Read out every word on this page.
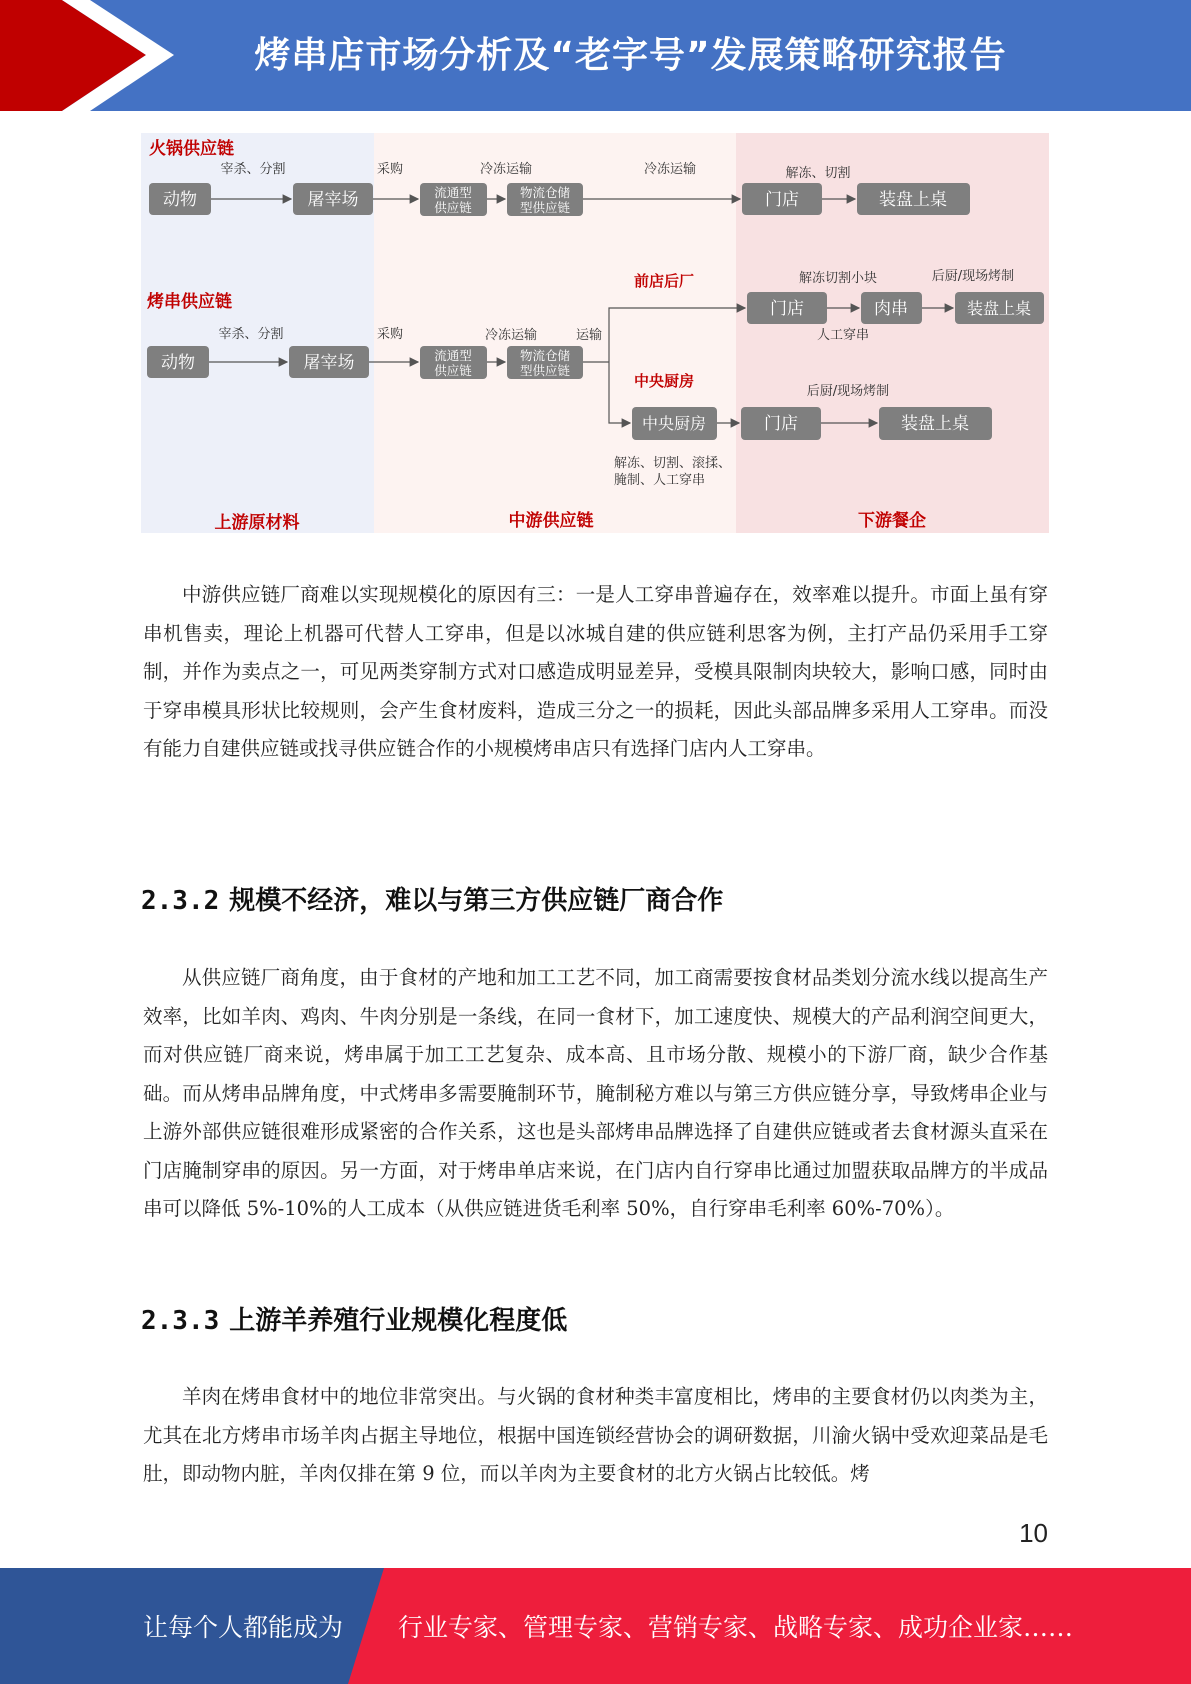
烤串店市场分析及“老字号”发展策略研究报告
上游原材料	中游供应链	下游餐企
火锅供应链
动物
宰杀、分割
屠宰场
采购
流通型
供应链
冷冻运输
物流仓储
型供应链
冷冻运输
门店
解冻、切割
装盘上桌
烤串供应链
动物
宰杀、分割
屠宰场
采购
流通型
供应链
冷冻运输
物流仓储
型供应链
运输
前店后厂
中央厨房
门店
解冻切割小块
人工穿串
肉串
后厨/现场烤制
装盘上桌
中央厨房	门店
后厨/现场烤制
装盘上桌
解冻、切割、滚揉、
腌制、人工穿串

中游供应链厂商难以实现规模化的原因有三：一是人工穿串普遍存在，效率难以提升。市面上虽有穿串机售卖，理论上机器可代替人工穿串，但是以冰城自建的供应链利思客为例，主打产品仍采用手工穿制，并作为卖点之一，可见两类穿制方式对口感造成明显差异，受模具限制肉块较大，影响口感，同时由于穿串模具形状比较规则，会产生食材废料，造成三分之一的损耗，因此头部品牌多采用人工穿串。而没有能力自建供应链或找寻供应链合作的小规模烤串店只有选择门店内人工穿串。

2.3.2 规模不经济，难以与第三方供应链厂商合作

从供应链厂商角度，由于食材的产地和加工工艺不同，加工商需要按食材品类划分流水线以提高生产效率，比如羊肉、鸡肉、牛肉分别是一条线，在同一食材下，加工速度快、规模大的产品利润空间更大，而对供应链厂商来说，烤串属于加工工艺复杂、成本高、且市场分散、规模小的下游厂商，缺少合作基础。而从烤串品牌角度，中式烤串多需要腌制环节，腌制秘方难以与第三方供应链分享，导致烤串企业与上游外部供应链很难形成紧密的合作关系，这也是头部烤串品牌选择了自建供应链或者去食材源头直采在门店腌制穿串的原因。另一方面，对于烤串单店来说，在门店内自行穿串比通过加盟获取品牌方的半成品串可以降低 5%-10%的人工成本（从供应链进货毛利率 50%，自行穿串毛利率 60%-70%）。

2.3.3 上游羊养殖行业规模化程度低

羊肉在烤串食材中的地位非常突出。与火锅的食材种类丰富度相比，烤串的主要食材仍以肉类为主，尤其在北方烤串市场羊肉占据主导地位，根据中国连锁经营协会的调研数据，川渝火锅中受欢迎菜品是毛肚，即动物内脏，羊肉仅排在第 9 位，而以羊肉为主要食材的北方火锅占比较低。烤

10
让每个人都能成为 行业专家、管理专家、营销专家、战略专家、成功企业家……
